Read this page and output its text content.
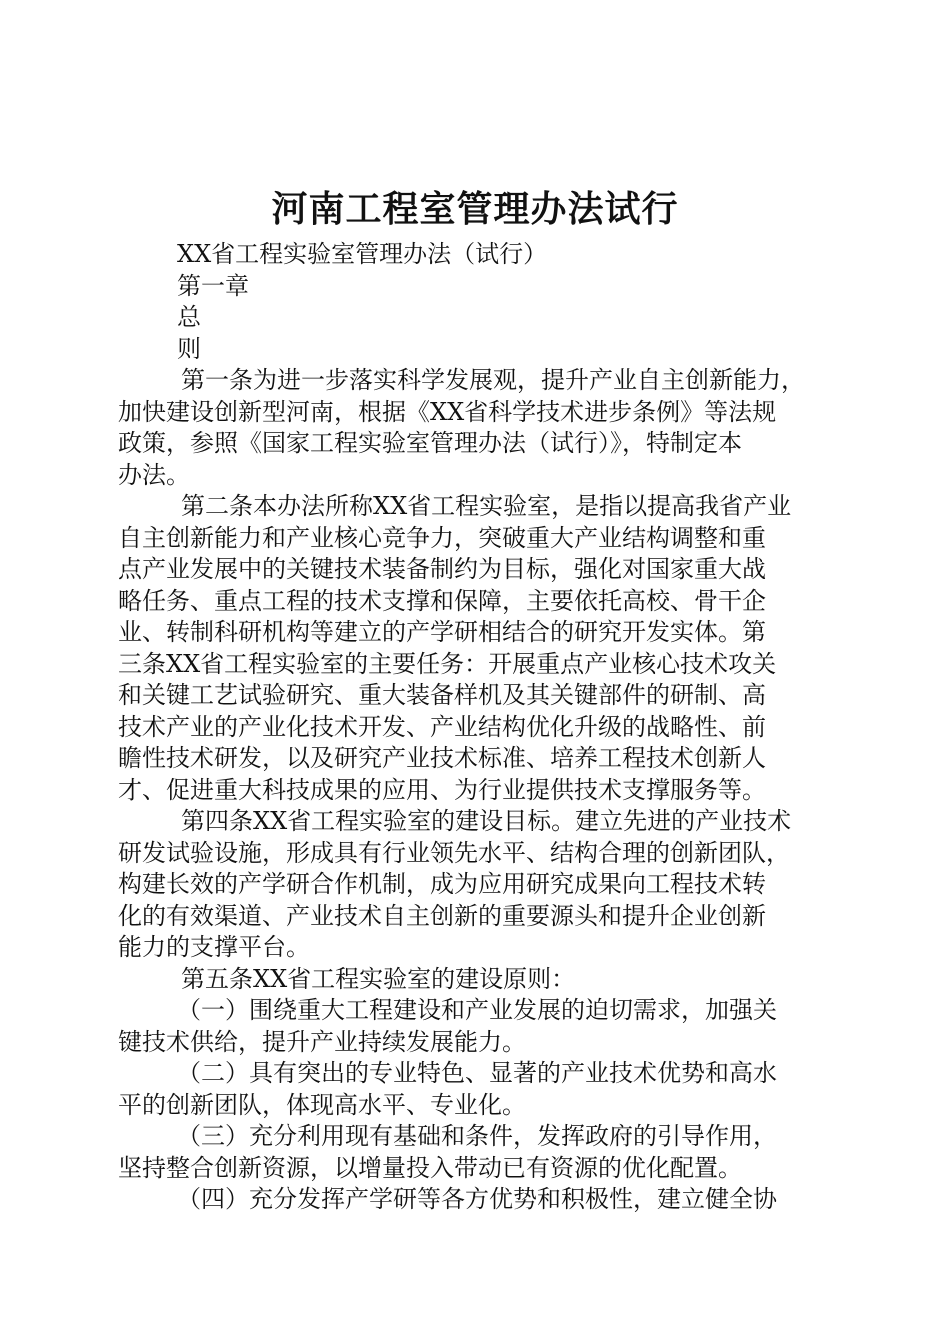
河南工程室管理办法试行
XX省工程实验室管理办法（试行）
第一章
总
则
第一条为进一步落实科学发展观，提升产业自主创新能力，
加快建设创新型河南，根据《XX省科学技术进步条例》等法规
政策，参照《国家工程实验室管理办法（试行）》，特制定本
办法。
第二条本办法所称XX省工程实验室，是指以提高我省产业
自主创新能力和产业核心竞争力，突破重大产业结构调整和重
点产业发展中的关键技术装备制约为目标，强化对国家重大战
略任务、重点工程的技术支撑和保障，主要依托高校、骨干企
业、转制科研机构等建立的产学研相结合的研究开发实体。第
三条XX省工程实验室的主要任务：开展重点产业核心技术攻关
和关键工艺试验研究、重大装备样机及其关键部件的研制、高
技术产业的产业化技术开发、产业结构优化升级的战略性、前
瞻性技术研发，以及研究产业技术标准、培养工程技术创新人
才、促进重大科技成果的应用、为行业提供技术支撑服务等。
第四条XX省工程实验室的建设目标。建立先进的产业技术
研发试验设施，形成具有行业领先水平、结构合理的创新团队，
构建长效的产学研合作机制，成为应用研究成果向工程技术转
化的有效渠道、产业技术自主创新的重要源头和提升企业创新
能力的支撑平台。
第五条XX省工程实验室的建设原则：
（一）围绕重大工程建设和产业发展的迫切需求，加强关
键技术供给，提升产业持续发展能力。
（二）具有突出的专业特色、显著的产业技术优势和高水
平的创新团队，体现高水平、专业化。
（三）充分利用现有基础和条件，发挥政府的引导作用，
坚持整合创新资源，以增量投入带动已有资源的优化配置。
（四）充分发挥产学研等各方优势和积极性，建立健全协
